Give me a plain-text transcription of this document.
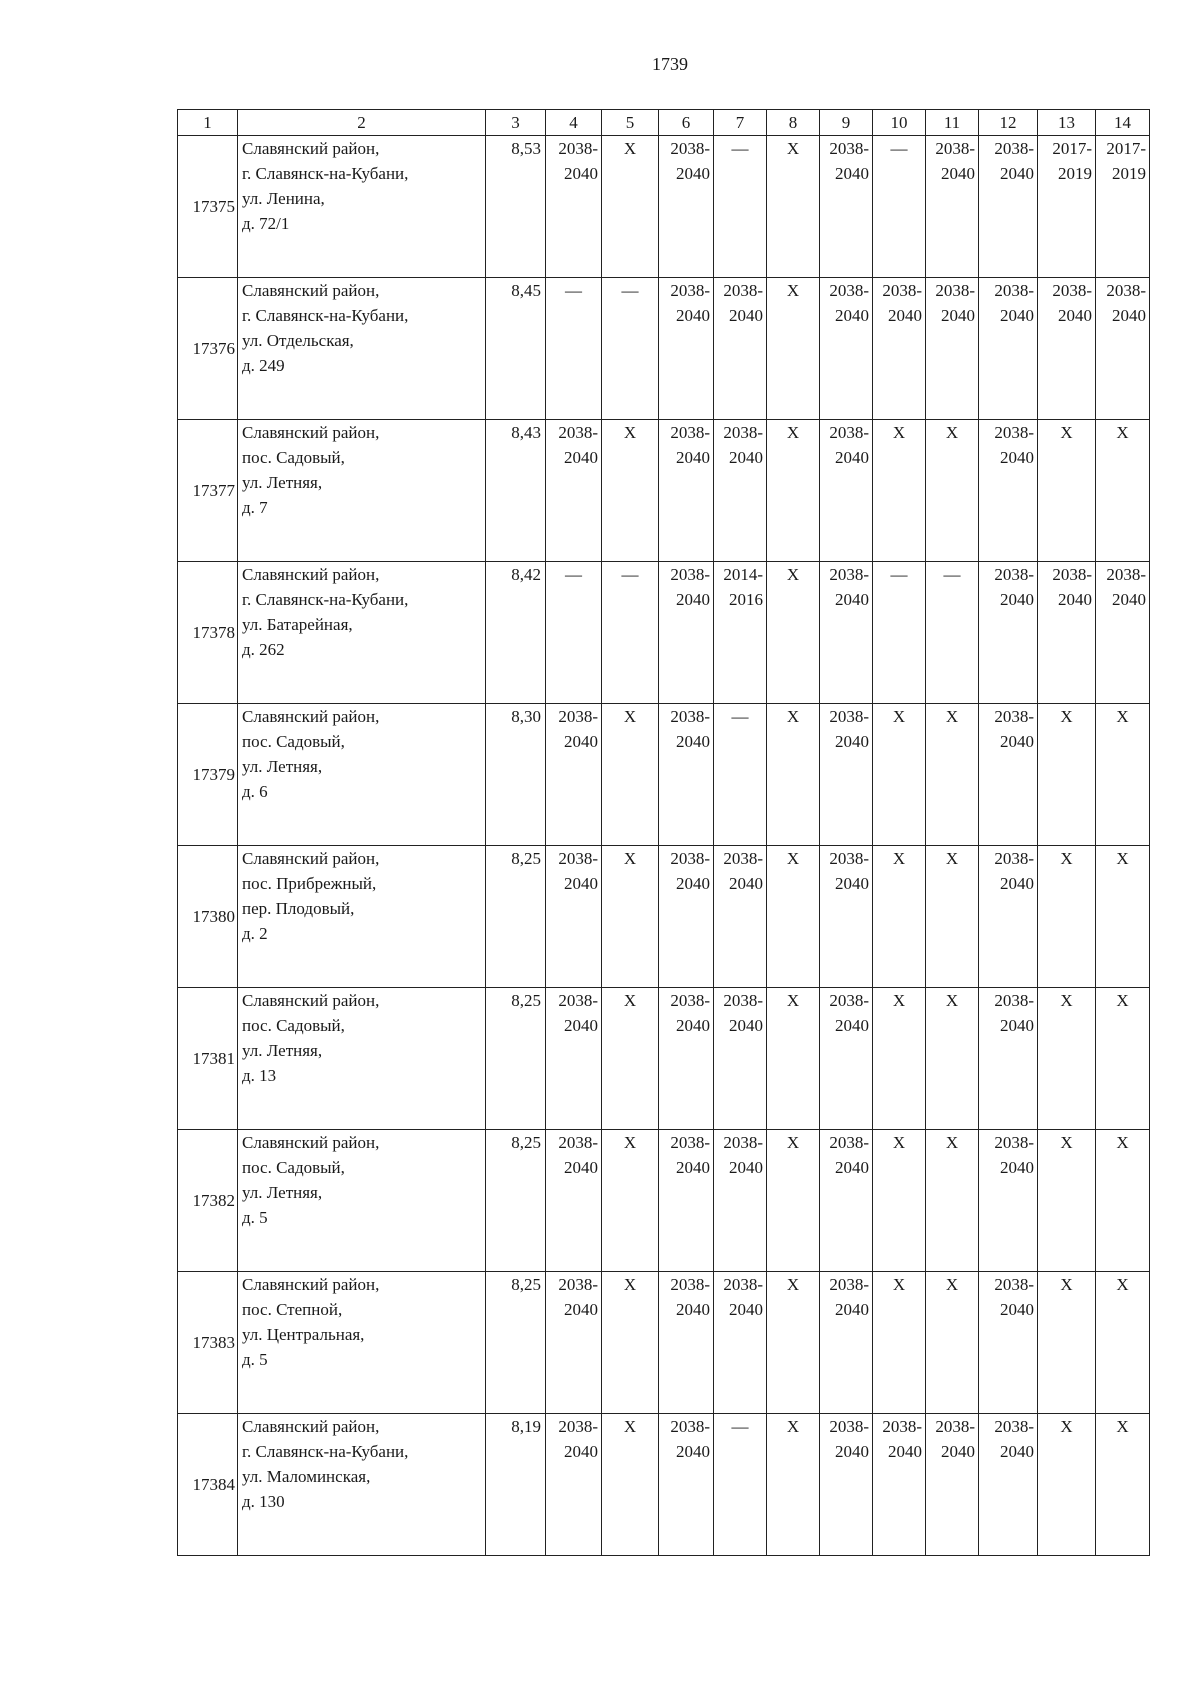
1739
1	2	3	4	5	6	7	8	9	10	11	12	13	14
17375	Славянский район,
г. Славянск-на-Кубани,
ул. Ленина,
д. 72/1	8,53	2038-
2040	X	2038-
2040	—	X	2038-
2040	—	2038-
2040	2038-
2040	2017-
2019	2017-
2019

17376	Славянский район,
г. Славянск-на-Кубани,
ул. Отдельская,
д. 249	8,45	—	—	2038-
2040	2038-
2040	X	2038-
2040	2038-
2040	2038-
2040	2038-
2040	2038-
2040	2038-
2040

17377	Славянский район,
пос. Садовый,
ул. Летняя,
д. 7	8,43	2038-
2040	X	2038-
2040	2038-
2040	X	2038-
2040	X	X	2038-
2040	X	X

17378	Славянский район,
г. Славянск-на-Кубани,
ул. Батарейная,
д. 262	8,42	—	—	2038-
2040	2014-
2016	X	2038-
2040	—	—	2038-
2040	2038-
2040	2038-
2040

17379	Славянский район,
пос. Садовый,
ул. Летняя,
д. 6	8,30	2038-
2040	X	2038-
2040	—	X	2038-
2040	X	X	2038-
2040	X	X

17380	Славянский район,
пос. Прибрежный,
пер. Плодовый,
д. 2	8,25	2038-
2040	X	2038-
2040	2038-
2040	X	2038-
2040	X	X	2038-
2040	X	X

17381	Славянский район,
пос. Садовый,
ул. Летняя,
д. 13	8,25	2038-
2040	X	2038-
2040	2038-
2040	X	2038-
2040	X	X	2038-
2040	X	X

17382	Славянский район,
пос. Садовый,
ул. Летняя,
д. 5	8,25	2038-
2040	X	2038-
2040	2038-
2040	X	2038-
2040	X	X	2038-
2040	X	X

17383	Славянский район,
пос. Степной,
ул. Центральная,
д. 5	8,25	2038-
2040	X	2038-
2040	2038-
2040	X	2038-
2040	X	X	2038-
2040	X	X

17384	Славянский район,
г. Славянск-на-Кубани,
ул. Маломинская,
д. 130	8,19	2038-
2040	X	2038-
2040	—	X	2038-
2040	2038-
2040	2038-
2040	2038-
2040	X	X
